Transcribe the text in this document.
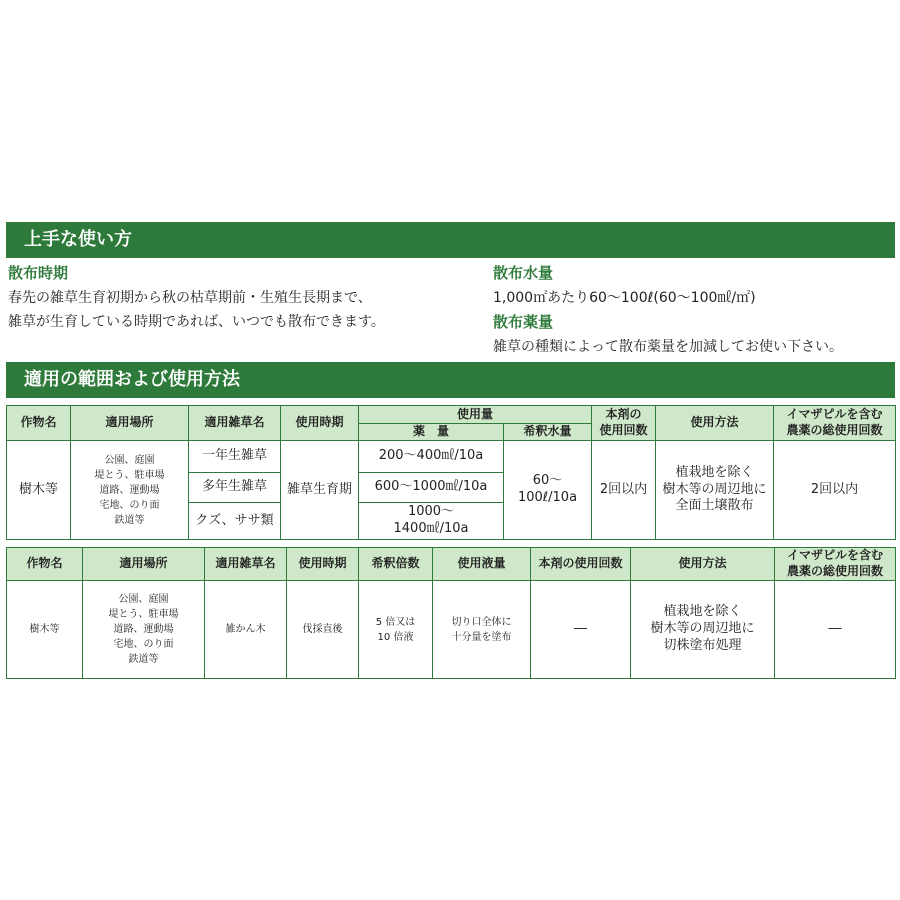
上手な使い方
散布時期
春先の雑草生育初期から秋の枯草期前・生殖生長期まで、
雑草が生育している時期であれば、いつでも散布できます。
散布水量
1,000㎡あたり60～100ℓ(60～100㎖/㎡)
散布薬量
雑草の種類によって散布薬量を加減してお使い下さい。
適用の範囲および使用方法
作物名	適用場所	適用雑草名	使用時期	使用量		本剤の
使用回数	使用方法	イマザピルを含む
農薬の総使用回数

				薬　量	希釈水量			
樹木等	公園、庭園
堤とう、駐車場
道路、運動場
宅地、のり面
鉄道等	一年生雑草	雑草生育期	200～400㎖/10a	60～
100ℓ/10a	2回以内	植栽地を除く
樹木等の周辺地に
全面土壌散布	2回以内
		多年生雑草		600～1000㎖/10a				
		クズ、ササ類		1000～
1400㎖/10a				
作物名	適用場所	適用雑草名	使用時期	希釈倍数	使用液量	本剤の使用回数	使用方法	イマザピルを含む
農薬の総使用回数

樹木等	公園、庭園
堤とう、駐車場
道路、運動場
宅地、のり面
鉄道等	雑かん木	伐採直後	5 倍又は
10 倍液	切り口全体に
十分量を塗布	―	植栽地を除く
樹木等の周辺地に
切株塗布処理	―
